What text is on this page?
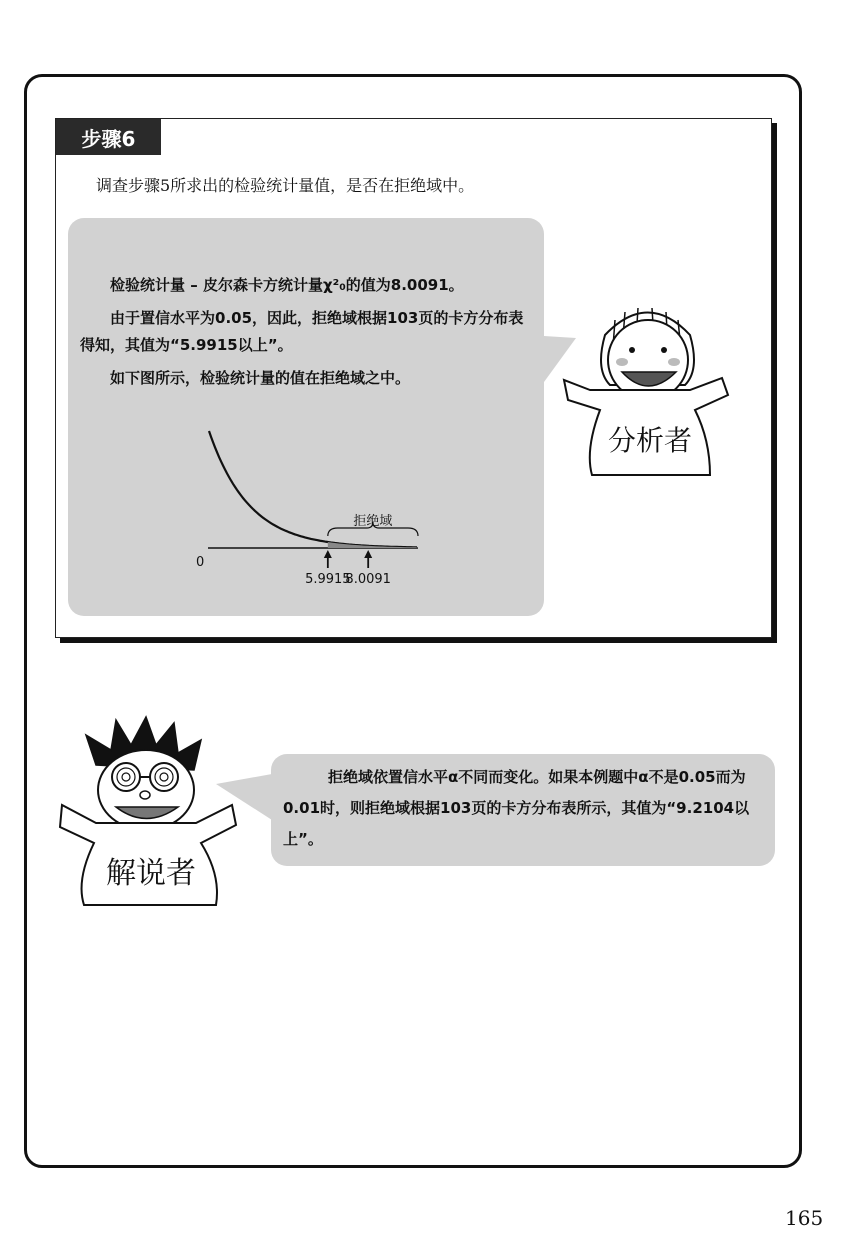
步骤6
调查步骤5所求出的检验统计量值，是否在拒绝域中。

检验统计量 – 皮尔森卡方统计量χ²₀的值为8.0091。

由于置信水平为0.05，因此，拒绝域根据103页的卡方分布表得知，其值为“5.9915以上”。

如下图所示，检验统计量的值在拒绝域之中。

拒绝域
0
5.9915
8.0091
分析者

拒绝域依置信水平α不同而变化。如果本例题中α不是0.05而为0.01时，则拒绝域根据103页的卡方分布表所示，其值为“9.2104以上”。

解说者
165
